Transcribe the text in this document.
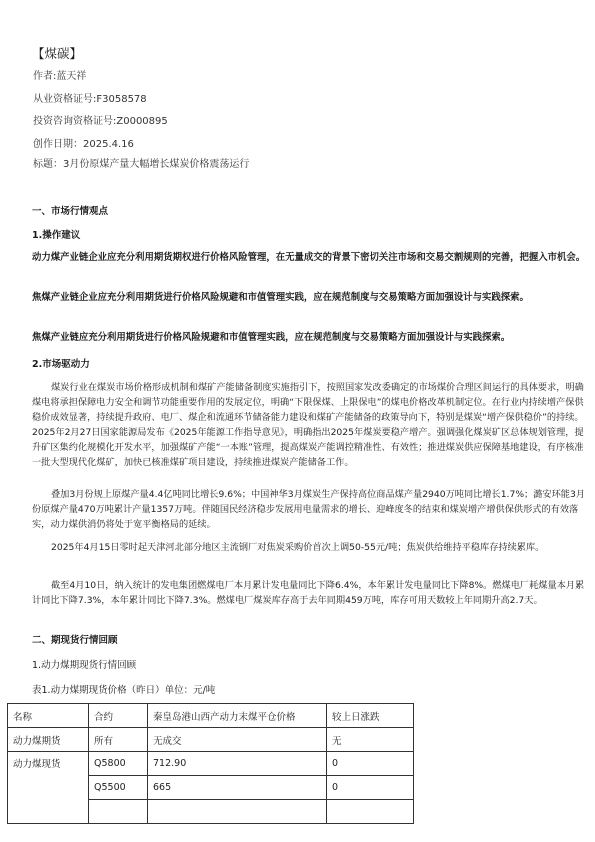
【煤碳】
作者:蓝天祥
从业资格证号:F3058578
投资咨询资格证号:Z0000895
创作日期：2025.4.16
标题：3月份原煤产量大幅增长煤炭价格震荡运行
一、市场行情观点
1.操作建议
动力煤产业链企业应充分利用期货期权进行价格风险管理，在无量成交的背景下密切关注市场和交易交割规则的完善，把握入市机会。
焦煤产业链企业应充分利用期货进行价格风险规避和市值管理实践，应在规范制度与交易策略方面加强设计与实践探索。
焦煤产业链应充分利用期货进行价格风险规避和市值管理实践，应在规范制度与交易策略方面加强设计与实践探索。
2.市场驱动力
煤炭行业在煤炭市场价格形成机制和煤矿产能储备制度实施指引下，按照国家发改委确定的市场煤价合理区间运行的具体要求，明确煤电将承担保障电力安全和调节功能重要作用的发展定位，明确“下限保煤、上限保电”的煤电价格改革机制定位。在行业内持续增产保供稳价成效显著，持续提升政府、电厂、煤企和流通环节储备能力建设和煤矿产能储备的政策导向下，特别是煤炭“增产保供稳价”的持续。2025年2月27日国家能源局发布《2025年能源工作指导意见》，明确指出2025年煤炭要稳产增产。强调强化煤炭矿区总体规划管理，提升矿区集约化规模化开发水平，加强煤矿产能“一本账”管理，提高煤炭产能调控精准性、有效性；推进煤炭供应保障基地建设，有序核准一批大型现代化煤矿，加快已核准煤矿项目建设，持续推进煤炭产能储备工作。
叠加3月份规上原煤产量4.4亿吨同比增长9.6%；中国神华3月煤炭生产保持高位商品煤产量2940万吨同比增长1.7%；潞安环能3月份原煤产量470万吨累计产量1357万吨。伴随国民经济稳步发展用电量需求的增长、迎峰度冬的结束和煤炭增产增供保供形式的有效落实，动力煤供消仍将处于宽平衡格局的延续。
2025年4月15日零时起天津河北部分地区主流钢厂对焦炭采购价首次上调50-55元/吨；焦炭供给维持平稳库存持续累库。
截至4月10日，纳入统计的发电集团燃煤电厂本月累计发电量同比下降6.4%，本年累计发电量同比下降8%。燃煤电厂耗煤量本月累计同比下降7.3%，本年累计同比下降7.3%。燃煤电厂煤炭库存高于去年同期459万吨，库存可用天数较上年同期升高2.7天。
二、期现货行情回顾
1.动力煤期现货行情回顾
表1.动力煤期现货价格（昨日）单位：元/吨
名称	合约	秦皇岛港山西产动力末煤平仓价格	较上日涨跌
动力煤期货	所有	无成交	无
动力煤现货	Q5800	712.90	0
	Q5500	665	0
